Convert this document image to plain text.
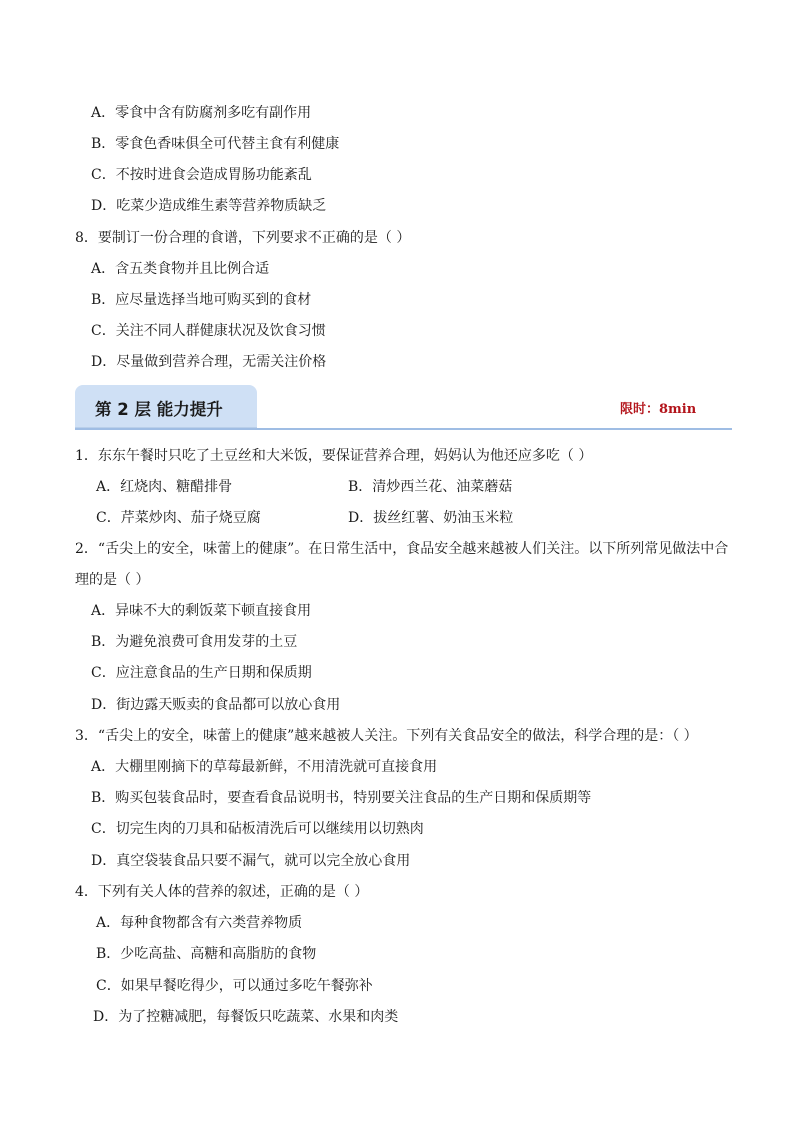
A．零食中含有防腐剂多吃有副作用
B．零食色香味俱全可代替主食有利健康
C．不按时进食会造成胃肠功能紊乱
D．吃菜少造成维生素等营养物质缺乏
8．要制订一份合理的食谱，下列要求不正确的是（ ）
A．含五类食物并且比例合适
B．应尽量选择当地可购买到的食材
C．关注不同人群健康状况及饮食习惯
D．尽量做到营养合理，无需关注价格
第 2 层 能力提升	限时：8min
1．东东午餐时只吃了土豆丝和大米饭，要保证营养合理，妈妈认为他还应多吃（ ）
A．红烧肉、糖醋排骨	B．清炒西兰花、油菜蘑菇
C．芹菜炒肉、茄子烧豆腐	D．拔丝红薯、奶油玉米粒
2．“舌尖上的安全，味蕾上的健康”。在日常生活中，食品安全越来越被人们关注。以下所列常见做法中合
理的是（ ）
A．异味不大的剩饭菜下顿直接食用
B．为避免浪费可食用发芽的土豆
C．应注意食品的生产日期和保质期
D．街边露天贩卖的食品都可以放心食用
3．“舌尖上的安全，味蕾上的健康”越来越被人关注。下列有关食品安全的做法，科学合理的是：（ ）
A．大棚里刚摘下的草莓最新鲜，不用清洗就可直接食用
B．购买包装食品时，要查看食品说明书，特别要关注食品的生产日期和保质期等
C．切完生肉的刀具和砧板清洗后可以继续用以切熟肉
D．真空袋装食品只要不漏气，就可以完全放心食用
4．下列有关人体的营养的叙述，正确的是（ ）
A．每种食物都含有六类营养物质
B．少吃高盐、高糖和高脂肪的食物
C．如果早餐吃得少，可以通过多吃午餐弥补
D．为了控糖减肥，每餐饭只吃蔬菜、水果和肉类
